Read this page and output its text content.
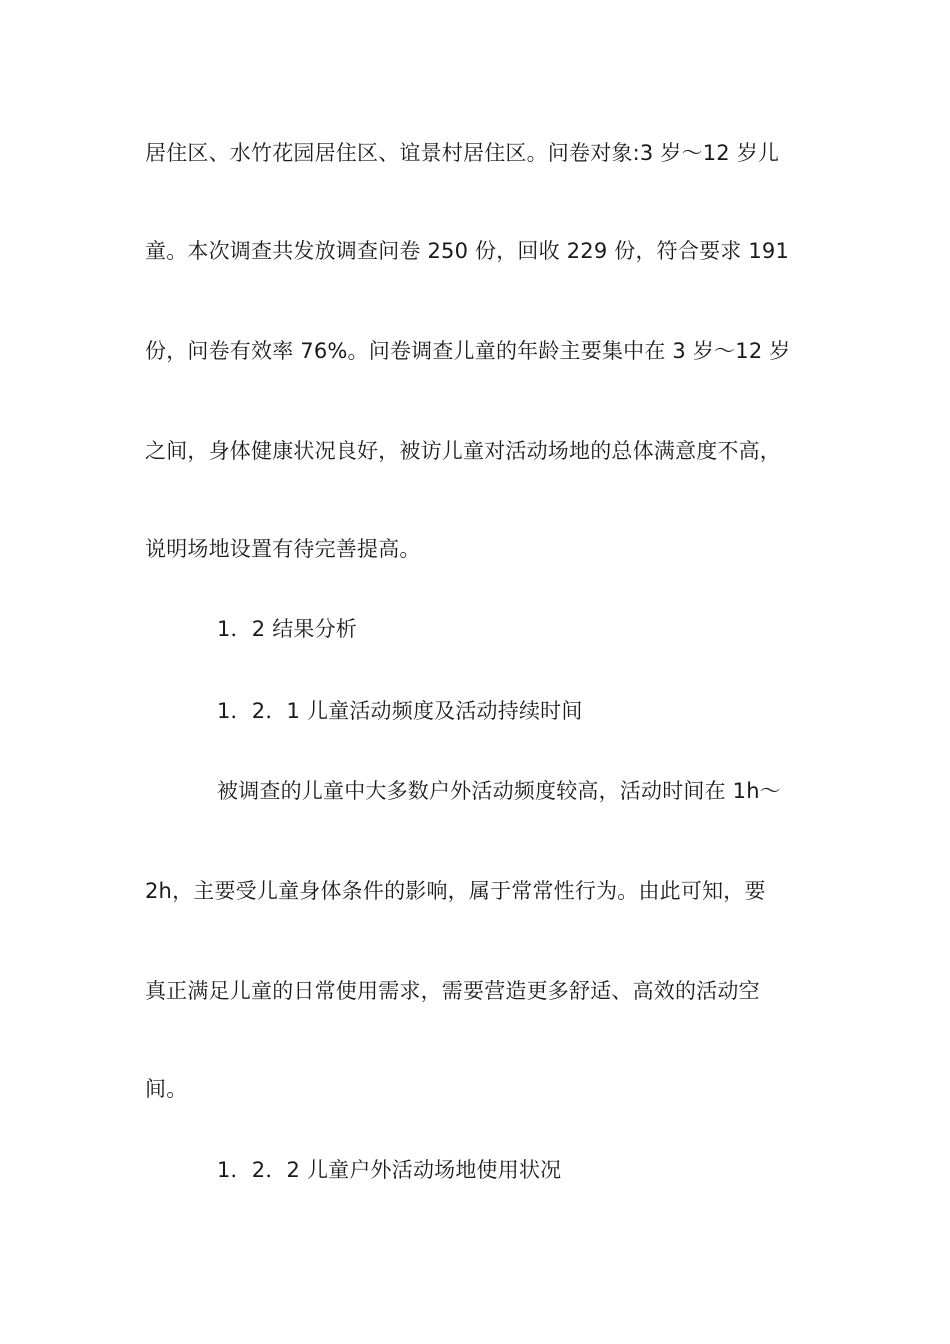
居住区、水竹花园居住区、谊景村居住区。问卷对象:3 岁～12 岁儿
童。本次调查共发放调查问卷 250 份，回收 229 份，符合要求 191
份，问卷有效率 76%。问卷调查儿童的年龄主要集中在 3 岁～12 岁
之间，身体健康状况良好，被访儿童对活动场地的总体满意度不高，
说明场地设置有待完善提高。
1．2 结果分析
1．2．1 儿童活动频度及活动持续时间
被调查的儿童中大多数户外活动频度较高，活动时间在 1h～
2h，主要受儿童身体条件的影响，属于常常性行为。由此可知，要
真正满足儿童的日常使用需求，需要营造更多舒适、高效的活动空
间。
1．2．2 儿童户外活动场地使用状况
